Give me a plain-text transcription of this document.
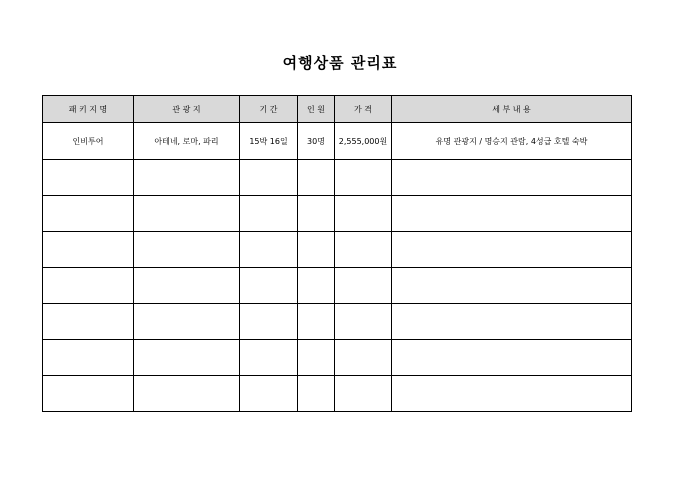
여행상품 관리표
패 키 지 명	관 광 지	기 간	인 원	가 격	세 부 내 용
인비투어	아테네, 로마, 파리	15박 16일	30명	2,555,000원	유명 관광지 / 명승지 관람, 4성급 호텔 숙박
